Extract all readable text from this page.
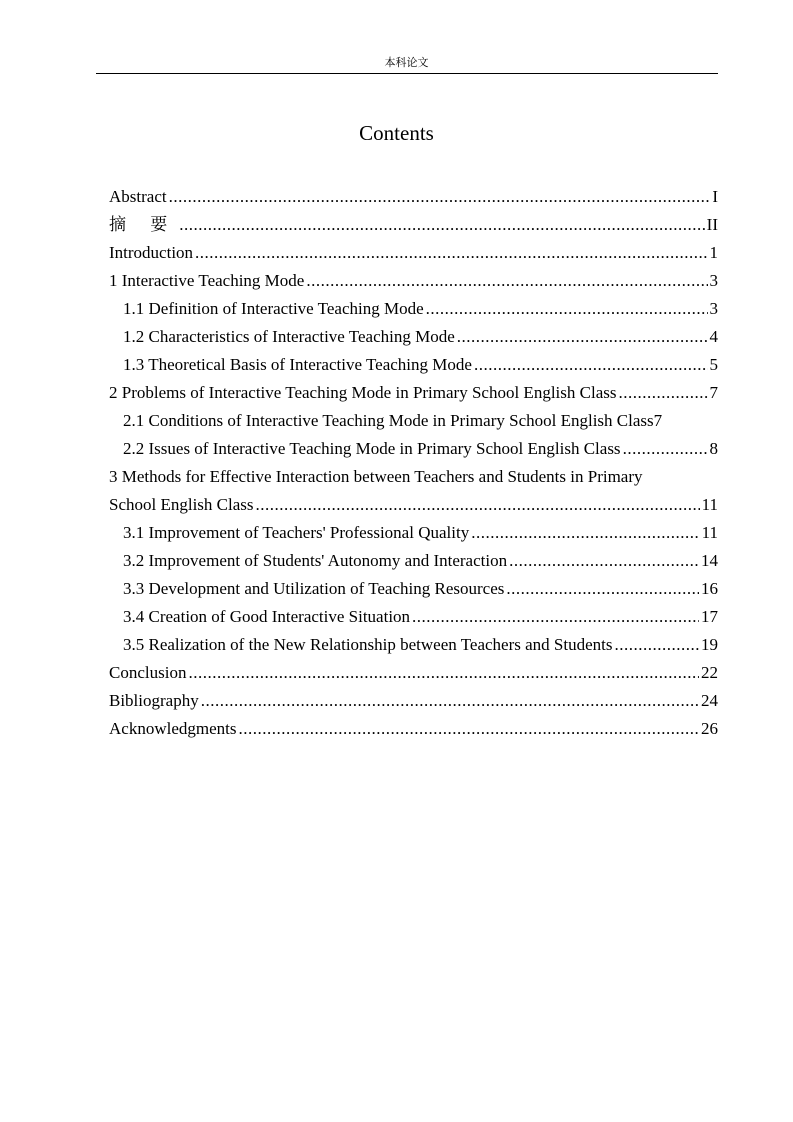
本科论文
Contents
Abstract .....	I
摘 要 .....	II
Introduction .....	1
1 Interactive Teaching Mode .....	3
1.1 Definition of Interactive Teaching Mode .....	3
1.2 Characteristics of Interactive Teaching Mode .....	4
1.3 Theoretical Basis of Interactive Teaching Mode .....	5
2 Problems of Interactive Teaching Mode in Primary School English Class .....	7
2.1 Conditions of Interactive Teaching Mode in Primary School English Class 7
2.2 Issues of Interactive Teaching Mode in Primary School English Class .....	8
3 Methods for Effective Interaction between Teachers and Students in Primary
School English Class .....	11
3.1 Improvement of Teachers' Professional Quality .....	11
3.2 Improvement of Students' Autonomy and Interaction .....	14
3.3 Development and Utilization of Teaching Resources .....	16
3.4 Creation of Good Interactive Situation .....	17
3.5 Realization of the New Relationship between Teachers and Students .....	19
Conclusion .....	22
Bibliography .....	24
Acknowledgments .....	26
